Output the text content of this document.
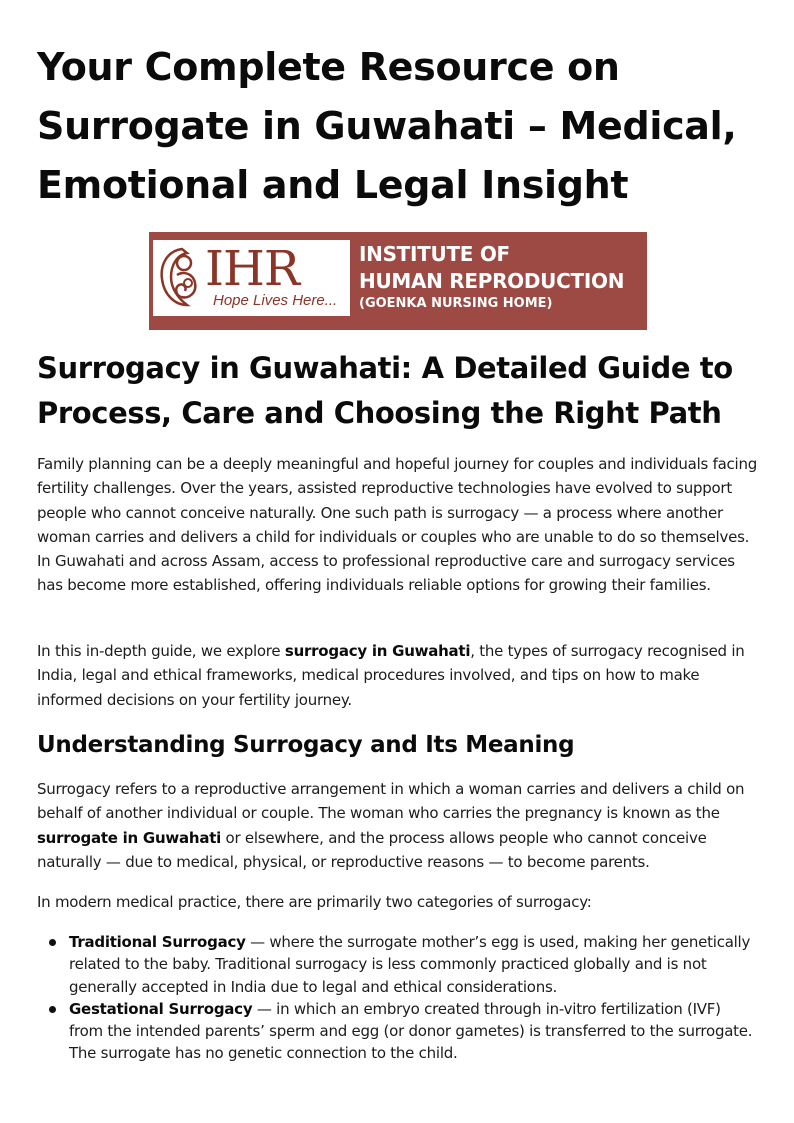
Your Complete Resource on Surrogate in Guwahati – Medical, Emotional and Legal Insight
IHR
Hope Lives Here...
INSTITUTE OF
HUMAN REPRODUCTION
(GOENKA NURSING HOME)
Surrogacy in Guwahati: A Detailed Guide to Process, Care and Choosing the Right Path

Family planning can be a deeply meaningful and hopeful journey for couples and individuals facing fertility challenges. Over the years, assisted reproductive technologies have evolved to support people who cannot conceive naturally. One such path is surrogacy — a process where another woman carries and delivers a child for individuals or couples who are unable to do so themselves. In Guwahati and across Assam, access to professional reproductive care and surrogacy services has become more established, offering individuals reliable options for growing their families.

In this in-depth guide, we explore surrogacy in Guwahati, the types of surrogacy recognised in India, legal and ethical frameworks, medical procedures involved, and tips on how to make informed decisions on your fertility journey.

Understanding Surrogacy and Its Meaning

Surrogacy refers to a reproductive arrangement in which a woman carries and delivers a child on behalf of another individual or couple. The woman who carries the pregnancy is known as the surrogate in Guwahati or elsewhere, and the process allows people who cannot conceive naturally — due to medical, physical, or reproductive reasons — to become parents.

In modern medical practice, there are primarily two categories of surrogacy:

Traditional Surrogacy — where the surrogate mother’s egg is used, making her genetically related to the baby. Traditional surrogacy is less commonly practiced globally and is not generally accepted in India due to legal and ethical considerations.
Gestational Surrogacy — in which an embryo created through in-vitro fertilization (IVF) from the intended parents’ sperm and egg (or donor gametes) is transferred to the surrogate. The surrogate has no genetic connection to the child.
